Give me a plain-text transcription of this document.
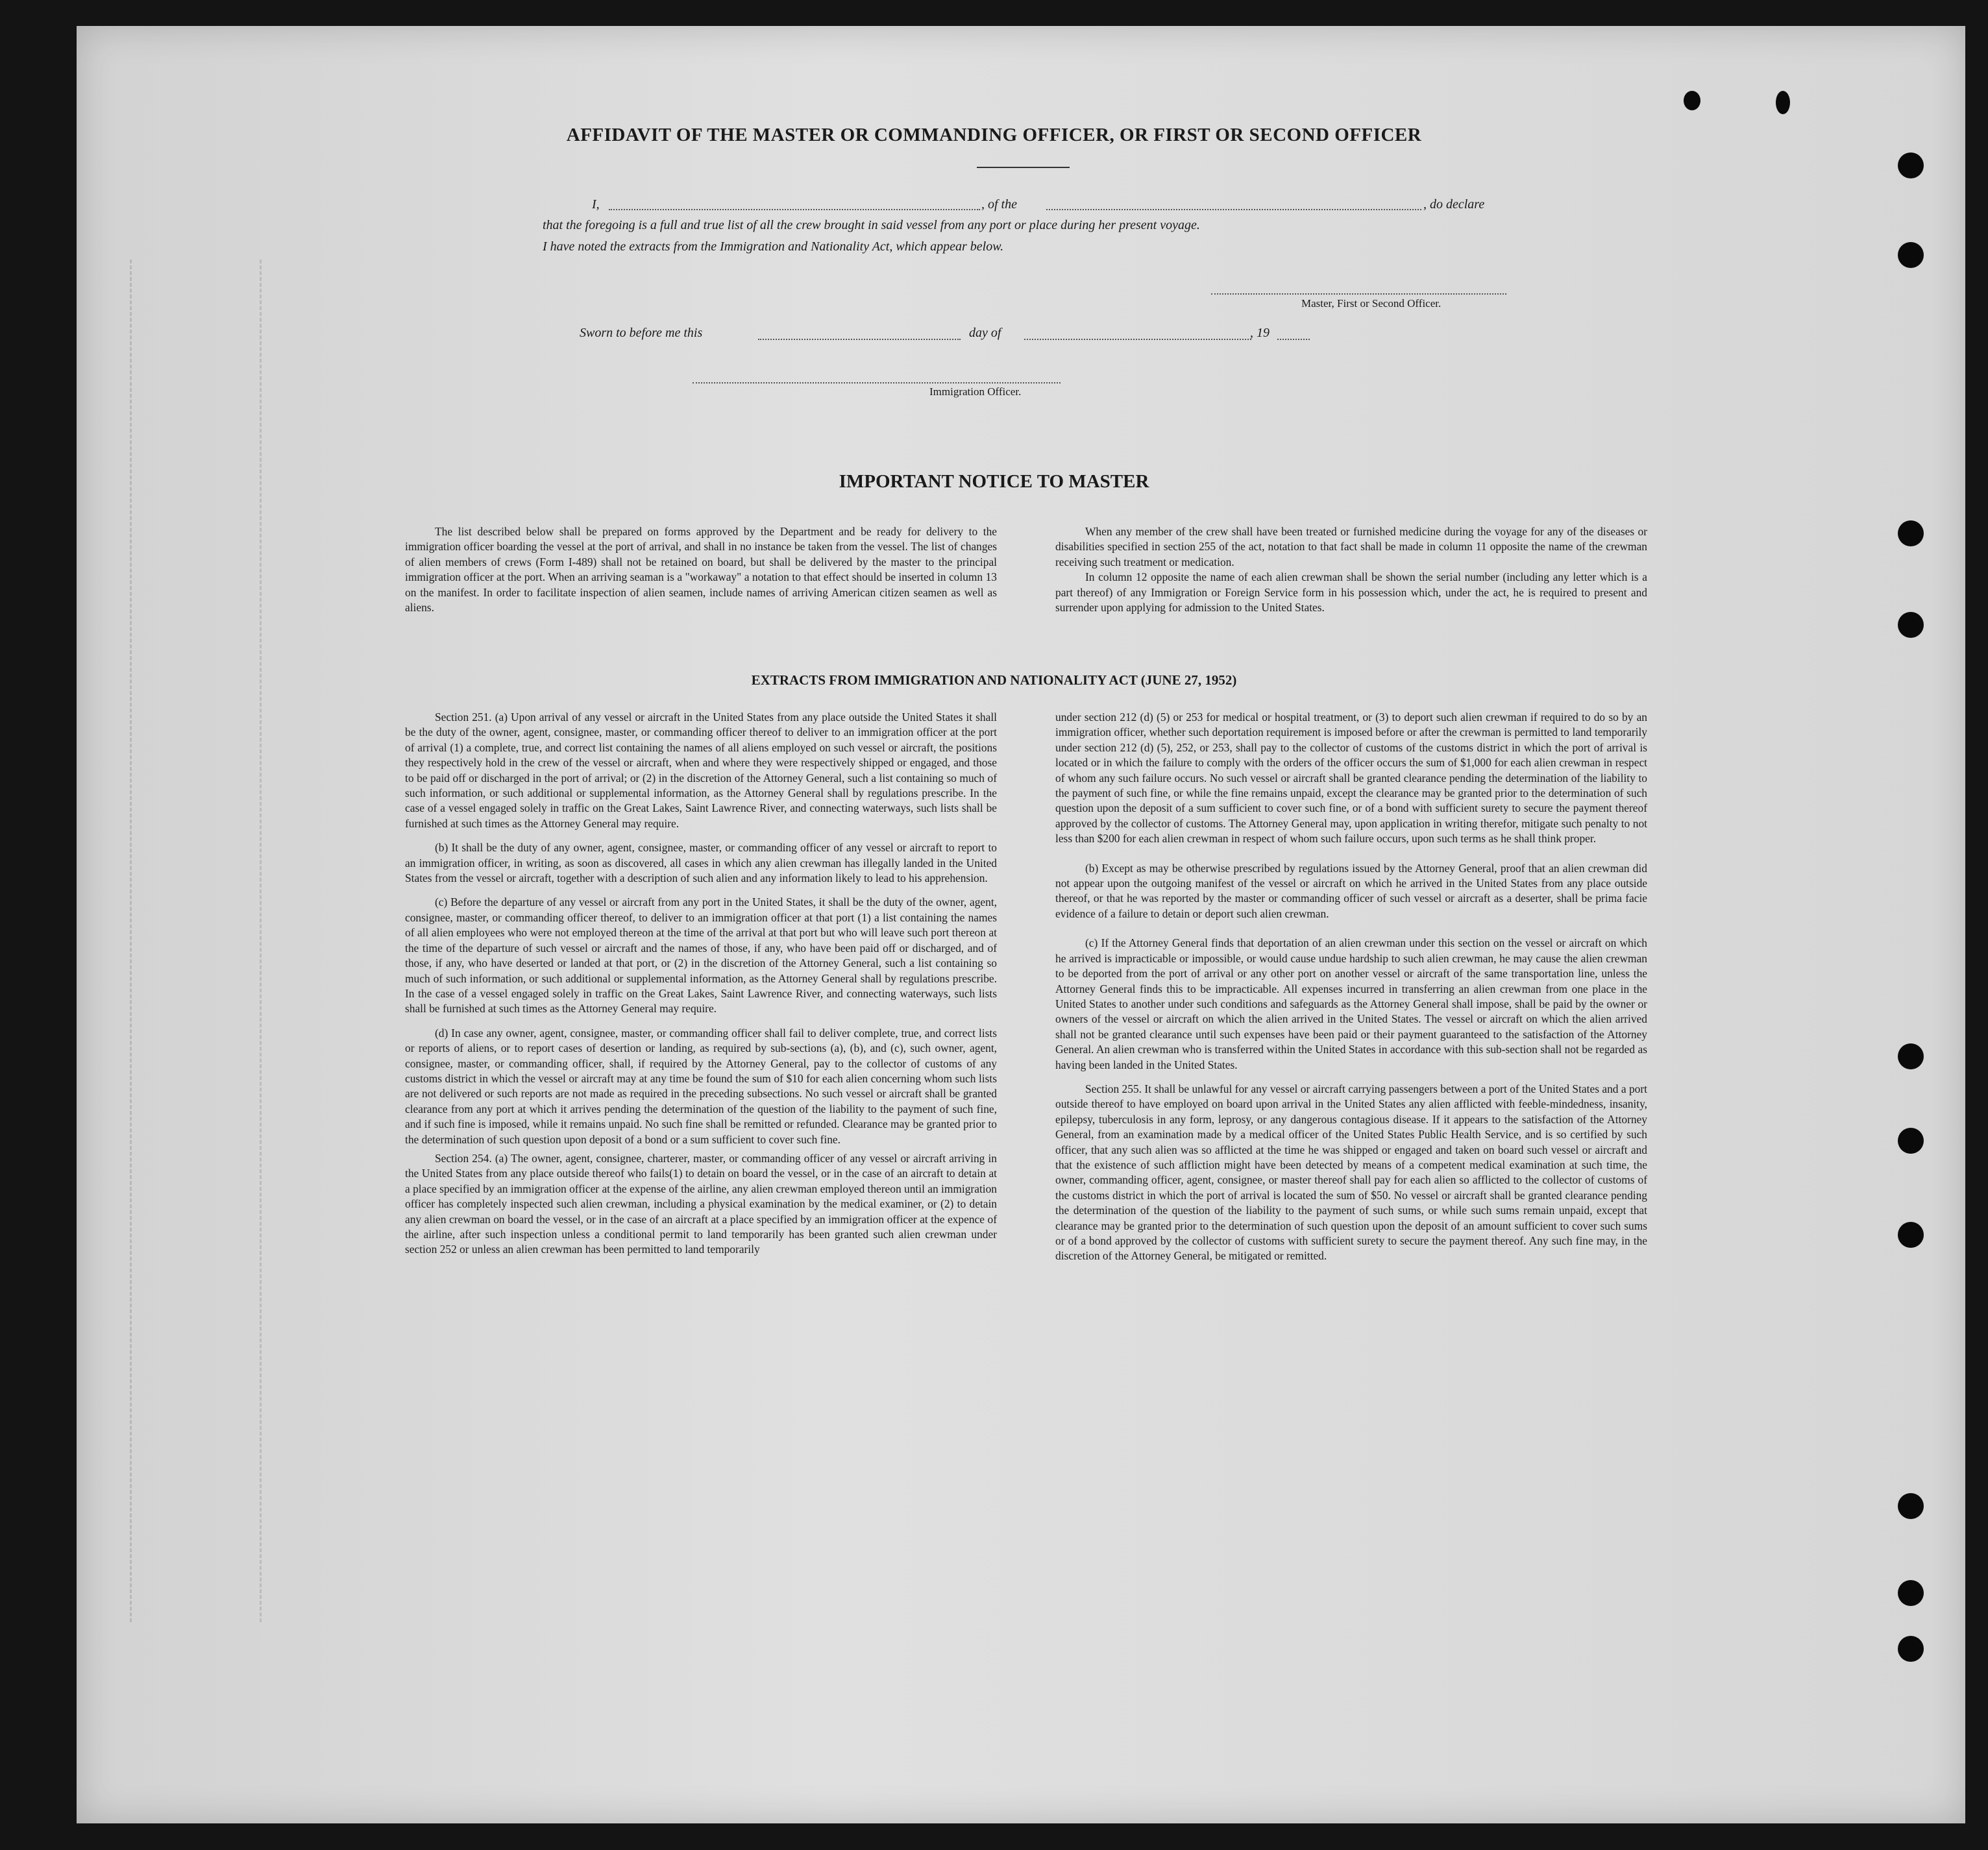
AFFIDAVIT OF THE MASTER OR COMMANDING OFFICER, OR FIRST OR SECOND OFFICER
I,	, of the	, do declare
that the foregoing is a full and true list of all the crew brought in said vessel from any port or place during her present voyage.
I have noted the extracts from the Immigration and Nationality Act, which appear below.
Master, First or Second Officer.
Sworn to before me this	day of	, 19
Immigration Officer.
IMPORTANT NOTICE TO MASTER

The list described below shall be prepared on forms approved by the Department and be ready for delivery to the immigration officer boarding the vessel at the port of arrival, and shall in no instance be taken from the vessel. The list of changes of alien members of crews (Form I-489) shall not be retained on board, but shall be delivered by the master to the principal immigration officer at the port. When an arriving seaman is a "workaway" a notation to that effect should be inserted in column 13 on the manifest. In order to facilitate inspection of alien seamen, include names of arriving American citizen seamen as well as aliens.

When any member of the crew shall have been treated or furnished medicine during the voyage for any of the diseases or disabilities specified in section 255 of the act, notation to that fact shall be made in column 11 opposite the name of the crewman receiving such treatment or medication.

In column 12 opposite the name of each alien crewman shall be shown the serial number (including any letter which is a part thereof) of any Immigration or Foreign Service form in his possession which, under the act, he is required to present and surrender upon applying for admission to the United States.

EXTRACTS FROM IMMIGRATION AND NATIONALITY ACT (JUNE 27, 1952)

Section 251. (a) Upon arrival of any vessel or aircraft in the United States from any place outside the United States it shall be the duty of the owner, agent, consignee, master, or commanding officer thereof to deliver to an immigration officer at the port of arrival (1) a complete, true, and correct list containing the names of all aliens employed on such vessel or aircraft, the positions they respectively hold in the crew of the vessel or aircraft, when and where they were respectively shipped or engaged, and those to be paid off or discharged in the port of arrival; or (2) in the discretion of the Attorney General, such a list containing so much of such information, or such additional or supplemental information, as the Attorney General shall by regulations prescribe. In the case of a vessel engaged solely in traffic on the Great Lakes, Saint Lawrence River, and connecting waterways, such lists shall be furnished at such times as the Attorney General may require.

(b) It shall be the duty of any owner, agent, consignee, master, or commanding officer of any vessel or aircraft to report to an immigration officer, in writing, as soon as discovered, all cases in which any alien crewman has illegally landed in the United States from the vessel or aircraft, together with a description of such alien and any information likely to lead to his apprehension.

(c) Before the departure of any vessel or aircraft from any port in the United States, it shall be the duty of the owner, agent, consignee, master, or commanding officer thereof, to deliver to an immigration officer at that port (1) a list containing the names of all alien employees who were not employed thereon at the time of the arrival at that port but who will leave such port thereon at the time of the departure of such vessel or aircraft and the names of those, if any, who have been paid off or discharged, and of those, if any, who have deserted or landed at that port, or (2) in the discretion of the Attorney General, such a list containing so much of such information, or such additional or supplemental information, as the Attorney General shall by regulations prescribe. In the case of a vessel engaged solely in traffic on the Great Lakes, Saint Lawrence River, and connecting waterways, such lists shall be furnished at such times as the Attorney General may require.

(d) In case any owner, agent, consignee, master, or commanding officer shall fail to deliver complete, true, and correct lists or reports of aliens, or to report cases of desertion or landing, as required by sub-sections (a), (b), and (c), such owner, agent, consignee, master, or commanding officer, shall, if required by the Attorney General, pay to the collector of customs of any customs district in which the vessel or aircraft may at any time be found the sum of $10 for each alien concerning whom such lists are not delivered or such reports are not made as required in the preceding subsections. No such vessel or aircraft shall be granted clearance from any port at which it arrives pending the determination of the question of the liability to the payment of such fine, and if such fine is imposed, while it remains unpaid. No such fine shall be remitted or refunded. Clearance may be granted prior to the determination of such question upon deposit of a bond or a sum sufficient to cover such fine.

Section 254. (a) The owner, agent, consignee, charterer, master, or commanding officer of any vessel or aircraft arriving in the United States from any place outside thereof who fails(1) to detain on board the vessel, or in the case of an aircraft to detain at a place specified by an immigration officer at the expense of the airline, any alien crewman employed thereon until an immigration officer has completely inspected such alien crewman, including a physical examination by the medical examiner, or (2) to detain any alien crewman on board the vessel, or in the case of an aircraft at a place specified by an immigration officer at the expence of the airline, after such inspection unless a conditional permit to land temporarily has been granted such alien crewman under section 252 or unless an alien crewman has been permitted to land temporarily

under section 212 (d) (5) or 253 for medical or hospital treatment, or (3) to deport such alien crewman if required to do so by an immigration officer, whether such deportation requirement is imposed before or after the crewman is permitted to land temporarily under section 212 (d) (5), 252, or 253, shall pay to the collector of customs of the customs district in which the port of arrival is located or in which the failure to comply with the orders of the officer occurs the sum of $1,000 for each alien crewman in respect of whom any such failure occurs. No such vessel or aircraft shall be granted clearance pending the determination of the liability to the payment of such fine, or while the fine remains unpaid, except the clearance may be granted prior to the determination of such question upon the deposit of a sum sufficient to cover such fine, or of a bond with sufficient surety to secure the payment thereof approved by the collector of customs. The Attorney General may, upon application in writing therefor, mitigate such penalty to not less than $200 for each alien crewman in respect of whom such failure occurs, upon such terms as he shall think proper.

(b) Except as may be otherwise prescribed by regulations issued by the Attorney General, proof that an alien crewman did not appear upon the outgoing manifest of the vessel or aircraft on which he arrived in the United States from any place outside thereof, or that he was reported by the master or commanding officer of such vessel or aircraft as a deserter, shall be prima facie evidence of a failure to detain or deport such alien crewman.

(c) If the Attorney General finds that deportation of an alien crewman under this section on the vessel or aircraft on which he arrived is impracticable or impossible, or would cause undue hardship to such alien crewman, he may cause the alien crewman to be deported from the port of arrival or any other port on another vessel or aircraft of the same transportation line, unless the Attorney General finds this to be impracticable. All expenses incurred in transferring an alien crewman from one place in the United States to another under such conditions and safeguards as the Attorney General shall impose, shall be paid by the owner or owners of the vessel or aircraft on which the alien arrived in the United States. The vessel or aircraft on which the alien arrived shall not be granted clearance until such expenses have been paid or their payment guaranteed to the satisfaction of the Attorney General. An alien crewman who is transferred within the United States in accordance with this sub-section shall not be regarded as having been landed in the United States.

Section 255. It shall be unlawful for any vessel or aircraft carrying passengers between a port of the United States and a port outside thereof to have employed on board upon arrival in the United States any alien afflicted with feeble-mindedness, insanity, epilepsy, tuberculosis in any form, leprosy, or any dangerous contagious disease. If it appears to the satisfaction of the Attorney General, from an examination made by a medical officer of the United States Public Health Service, and is so certified by such officer, that any such alien was so afflicted at the time he was shipped or engaged and taken on board such vessel or aircraft and that the existence of such affliction might have been detected by means of a competent medical examination at such time, the owner, commanding officer, agent, consignee, or master thereof shall pay for each alien so afflicted to the collector of customs of the customs district in which the port of arrival is located the sum of $50. No vessel or aircraft shall be granted clearance pending the determination of the question of the liability to the payment of such sums, or while such sums remain unpaid, except that clearance may be granted prior to the determination of such question upon the deposit of an amount sufficient to cover such sums or of a bond approved by the collector of customs with sufficient surety to secure the payment thereof. Any such fine may, in the discretion of the Attorney General, be mitigated or remitted.
